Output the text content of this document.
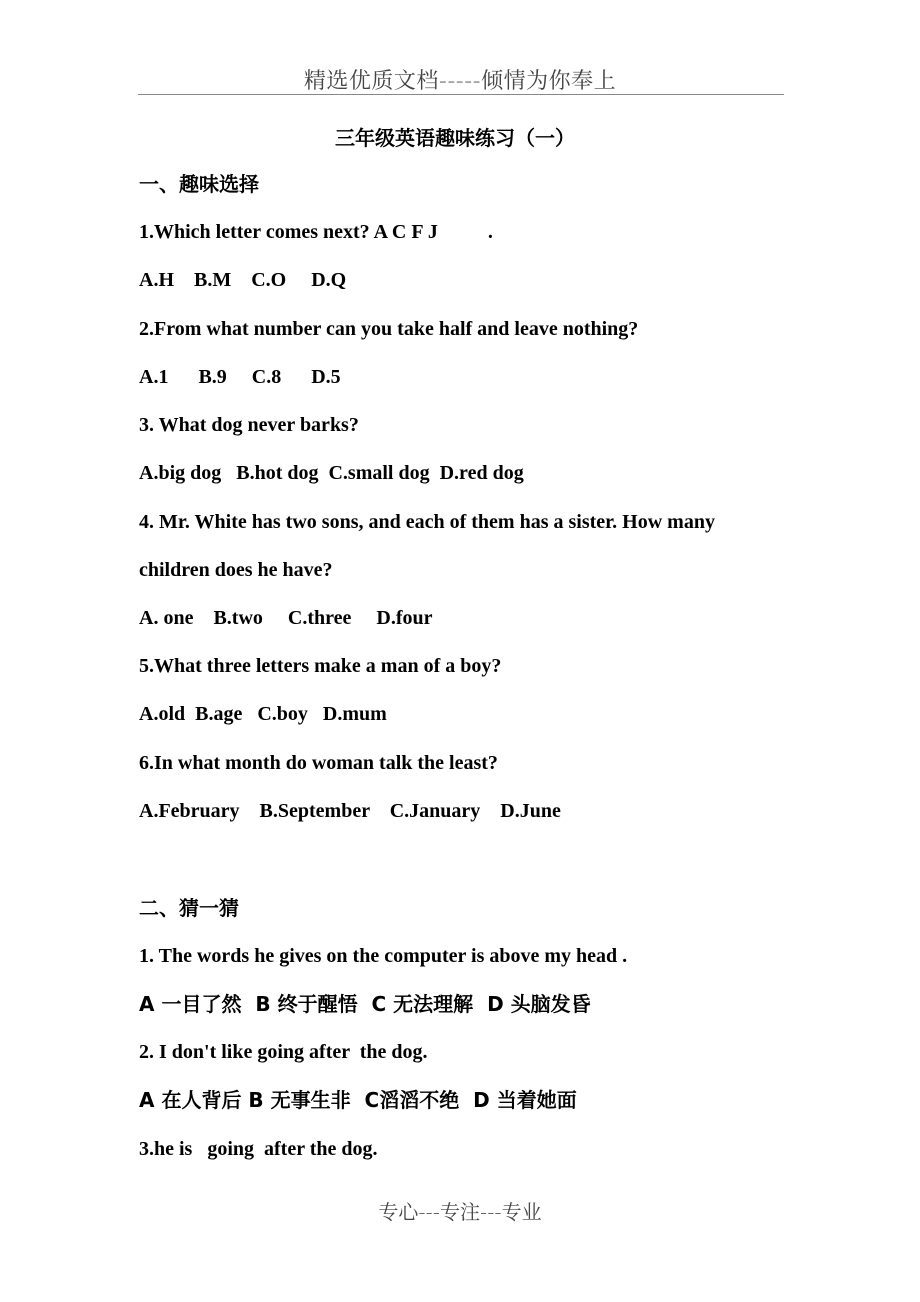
精选优质文档-----倾情为你奉上
三年级英语趣味练习（一）
一、趣味选择
1.Which letter comes next? A C F J          .
A.H    B.M    C.O     D.Q
2.From what number can you take half and leave nothing?
A.1      B.9     C.8      D.5
3. What dog never barks?
A.big dog   B.hot dog  C.small dog  D.red dog
4. Mr. White has two sons, and each of them has a sister. How many
children does he have?
A. one    B.two     C.three     D.four
5.What three letters make a man of a boy?
A.old  B.age   C.boy   D.mum
6.In what month do woman talk the least?
A.February    B.September    C.January    D.June
二、猜一猜
1. The words he gives on the computer is above my head .
A 一目了然  B 终于醒悟  C 无法理解  D 头脑发昏
2. I don't like going after  the dog.
A 在人背后 B 无事生非  C滔滔不绝  D 当着她面
3.he is   going  after the dog.
专心---专注---专业
